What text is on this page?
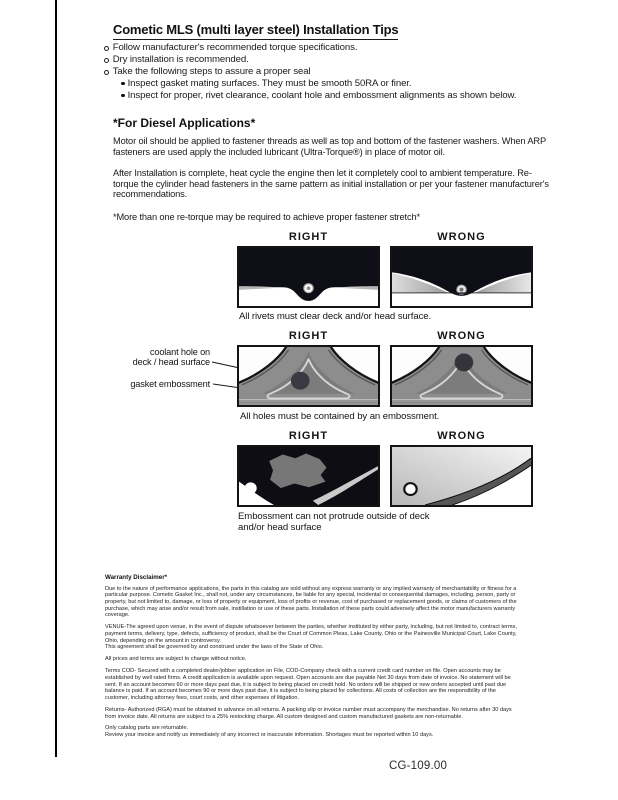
Cometic MLS (multi layer steel) Installation Tips
Follow manufacturer's recommended torque specifications.
Dry installation is recommended.
Take the following steps to assure a proper seal
Inspect gasket mating surfaces. They must be smooth 50RA or finer.
Inspect for proper, rivet clearance, coolant hole and embossment alignments as shown below.
*For Diesel Applications*

Motor oil should be applied to fastener threads as well as top and bottom of the fastener washers. When ARP fasteners are used apply the included lubricant (Ultra-Torque®) in place of motor oil.

After Installation is complete, heat cycle the engine then let it completely cool to ambient temperature. Re-torque the cylinder head fasteners in the same pattern as initial installation or per your fastener manufacturer's recommendations.

*More than one re-torque may be required to achieve proper fastener stretch*

RIGHT	WRONG

All rivets must clear deck and/or head surface.

RIGHT	WRONG
coolant hole on
deck / head surface
gasket embossment

All holes must be contained by an embossment.

RIGHT	WRONG
Embossment can not protrude outside of deck
and/or head surface
Warranty Disclaimer*

Due to the nature of performance applications, the parts in this catalog are sold without any express warranty or any implied warranty of merchantability or fitness for a particular purpose. Cometic Gasket Inc., shall not, under any circumstances, be liable for any special, incidental or consequential damages, including, person, party or property, but not limited to, damage, or loss of property or equipment, loss of profits or revenue, cost of purchased or replacement goods, or claims of customers of the purchase, which may arise and/or result from sale, instillation or use of these parts. Installation of these parts could adversely affect the motor manufacturers warranty coverage.

VENUE-The agreed upon venue, in the event of dispute whatsoever between the parties, whether instituted by either party, including, but not limited to, contract terms, payment terms, delivery, type, defects, sufficiency of product, shall be the Court of Common Pleas, Lake County, Ohio or the Painesville Municipal Court, Lake County, Ohio, depending on the amount in controversy.

This agreement shall be governed by and construed under the laws of the State of Ohio.

All prices and terms are subject to change without notice.

Terms COD- Secured with a completed dealer/jobber application on File, COD-Company check with a current credit card number on file. Open accounts may be established by well rated firms. A credit application is available upon request. Open accounts are due payable Net 30 days from date of invoice. No statement will be sent. If an account becomes 60 or more days past due, it is subject to being placed on credit hold. No orders will be shipped or new orders accepted until past due balance is paid. If an account becomes 90 or more days past due, it is subject to being placed for collections. All costs of collection are the responsibility of the customer, including attorney fees, court costs, and other expenses of litigation.

Returns- Authorized (RGA) must be obtained in advance on all returns. A packing slip or invoice number must accompany the merchandise. No returns after 30 days from invoice date. All returns are subject to a 25% restocking charge. All custom designed and custom manufactured gaskets are non-returnable.

Only catalog parts are returnable.

Review your invoice and notify us immediately of any incorrect or inaccurate information. Shortages must be reported within 10 days.

CG-109.00
